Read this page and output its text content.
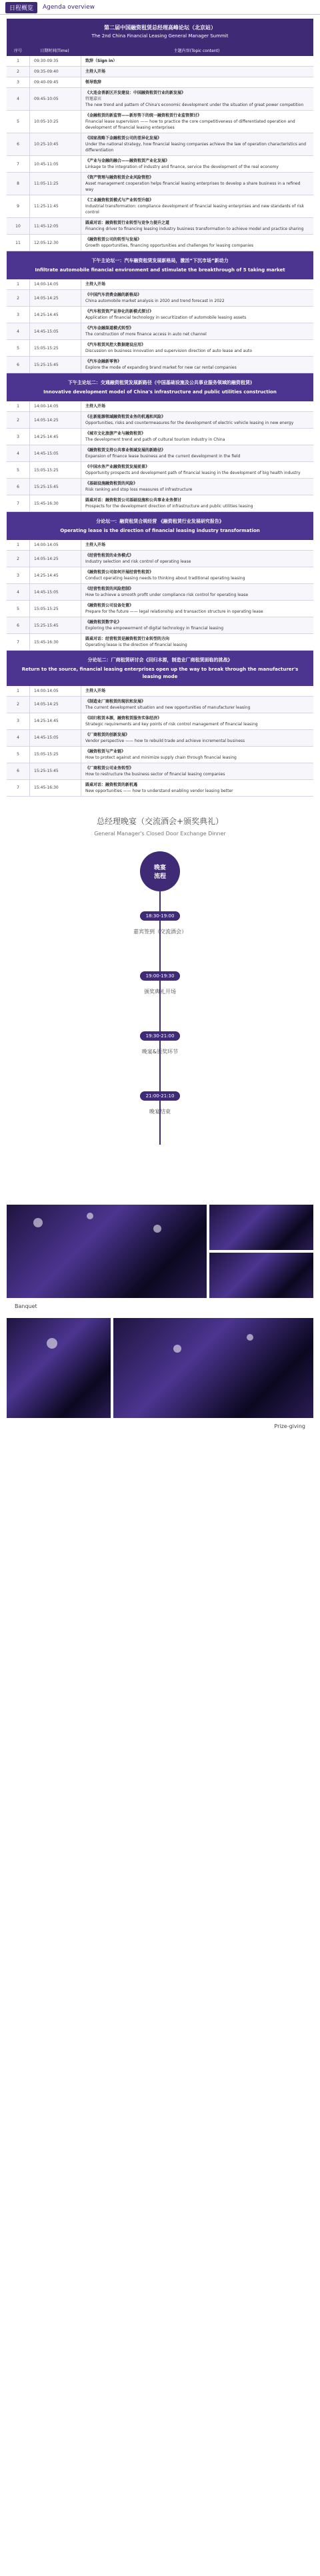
日程概览	Agenda overview
第二届中国融资租赁总经理高峰论坛（北京站）
The 2nd China Financial Leasing General Manager Summit
序号	日期时间(Time)	主题内容(Topic content)
1	09:30-09:35	致辞（Sign in）
2	09:35-09:40	主持人开场
3	09:40-09:45	领导致辞
4	09:45-10:05
《大连金普新区开发建设：中国融资租赁行业的新发展》
特邀嘉宾
The new trend and pattern of China's economic development under the situation of great power competition
5	10:05-10:25
《金融租赁的新监管——新形势下的统一融资租赁行业监管探讨》
Financial lease supervision —— how to practice the core competitiveness of differentiated operation and development of financial leasing enterprises
6	10:25-10:45
《国家战略下金融租赁公司的差异化发展》
Under the national strategy, how financial leasing companies achieve the law of operation characteristics and differentiation
7	10:45-11:05
《产业与金融的融合——融资租赁产业化发展》
Linkage to the integration of industry and finance, service the development of the real economy
8	11:05-11:25
《资产管理与融资租赁企业风险管控》
Asset management cooperation helps financial leasing enterprises to develop a share business in a refined way
9	11:25-11:45
《工业融资租赁模式与产业转型升级》
Industrial transformation: compliance development of financial leasing enterprises and new standards of risk control
10	11:45-12:05
圆桌对话：融资租赁行业转型与竞争力提升之道
Financing driver to financing leasing industry business transformation to achieve model and practice sharing
11	12:05-12:30
《融资租赁公司的转型与发展》
Growth opportunities, financing opportunities and challenges for leasing companies
下午主论坛一：汽车融资租赁发展新格局，激活“下沉市场”新动力
Infiltrate automobile financial environment and stimulate the breakthrough of 5 taking market
1	14:00-14:05	主持人开场
2	14:05-14:25
《中国汽车消费金融的新格局》
China automobile market analysis in 2020 and trend forecast in 2022
3	14:25-14:45
《汽车租赁资产证券化的新模式探讨》
Application of financial technology in securitization of automobile leasing assets
4	14:45-15:05
《汽车金融渠道模式转型》
The construction of more finance access in auto net channel
5	15:05-15:25
《汽车租赁风控大数据建设应用》
Discussion on business innovation and supervision direction of auto lease and auto
6	15:25-15:45
《汽车金融新零售》
Explore the mode of expanding brand market for new car rental companies
下午主论坛二：交通融资租赁发展新路径（中国基础设施及公共事业服务领域的融资租赁)
Innovative development model of China's infrastructure and public utilities construction
1	14:00-14:05	主持人开场
2	14:05-14:25
《在新能源领域融资租赁业务的机遇和风险》
Opportunities, risks and countermeasures for the development of electric vehicle leasing in new energy
3	14:25-14:45
《城市文化旅游产业与融资租赁》
The development trend and path of cultural tourism industry in China
4	14:45-15:05
《融资租赁支持公共事业领域发展的新路径》
Expansion of finance lease business and the current development in the field
5	15:05-15:25
《中国水务产业融资租赁发展前景》
Opportunity prospects and development path of financial leasing in the development of big health industry
6	15:25-15:45
《基础设施融资租赁的风险》
Risk ranking and stop loss measures of infrastructure
7	15:45-16:30
圆桌对话：融资租赁公司基础设施和公共事业业务探讨
Prospects for the development direction of infrastructure and public utilities leasing
分论坛一：融资租赁合规经营 《融资租赁行业发展研究报告》
Operating lease is the direction of financial leasing industry transformation
1	14:00-14:05	主持人开场
2	14:05-14:25
《经营性租赁的业务模式》
Industry selection and risk control of operating lease
3	14:25-14:45
《融资租赁公司如何开展经营性租赁》
Conduct operating leasing needs to thinking about traditional operating leasing
4	14:45-15:05
《经营性租赁的风险控制》
How to achieve a smooth profit under compliance risk control for operating lease
5	15:05-15:25
《融资租赁公司设备处置》
Prepare for the future —— legal relationship and transaction structure in operating lease
6	15:25-15:45
《融资租赁数字化》
Exploring the empowerment of digital technology in financial leasing
7	15:45-16:30
圆桌对话：经营租赁是融资租赁行业转型的方向
Operating lease is the direction of financial leasing
分论坛二：厂商租赁研讨会《回归本源，制造业厂商租赁面临的挑战》
Return to the source, financial leasing enterprises open up the way to break through the manufacturer's leasing mode
1	14:00-14:05	主持人开场
2	14:05-14:25
《制造业厂商租赁的现状和发展》
The current development situation and new opportunities of manufacturer leasing
3	14:25-14:45
《回归租赁本源，融资租赁服务实体经济》
Strategic requirements and key points of risk control management of financial leasing
4	14:45-15:05
《厂商租赁的创新发展》
Vendor perspective —— how to rebuild trade and achieve incremental business
5	15:05-15:25
《融资租赁与产业链》
How to protect against and minimize supply chain through financial leasing
6	15:25-15:45
《厂商租赁公司业务转型》
How to restructure the business sector of financial leasing companies
7	15:45-16:30
圆桌对话：融资租赁的新机遇
New opportunities —— how to understand enabling vendor leasing better
总经理晚宴（交流酒会+颁奖典礼）
General Manager's Closed Door Exchange Dinner
晚宴
流程
18:30-19:00
嘉宾签到（交流酒会）
19:00-19:30
颁奖典礼开场
19:30-21:00
晚宴&颁奖环节
21:00-21:10
晚宴结束
Banquet
Prize-giving
